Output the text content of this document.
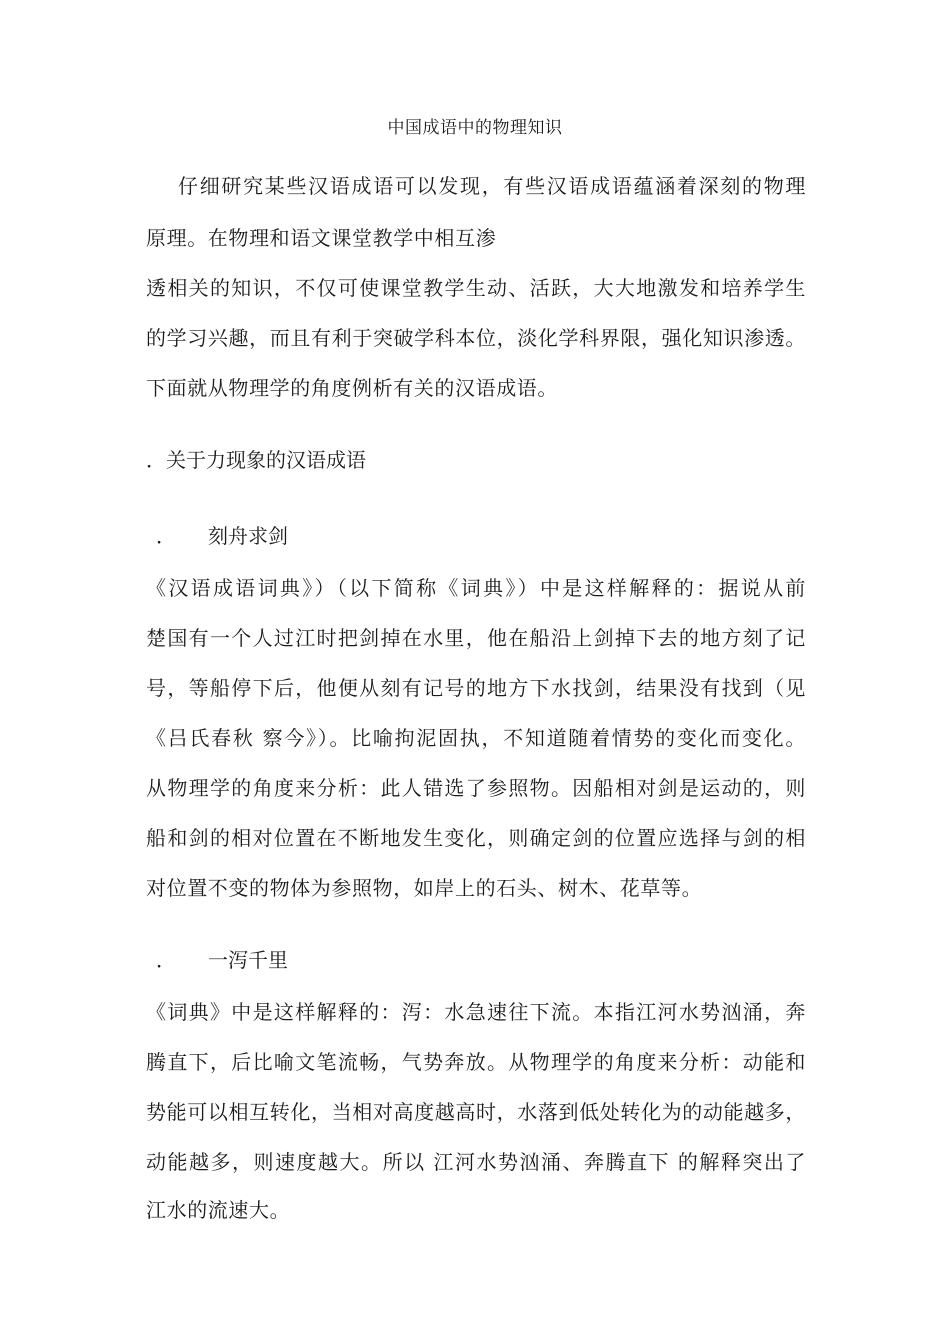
中国成语中的物理知识
仔细研究某些汉语成语可以发现，有些汉语成语蕴涵着深刻的物理
原理。在物理和语文课堂教学中相互渗
透相关的知识，不仅可使课堂教学生动、活跃，大大地激发和培养学生
的学习兴趣，而且有利于突破学科本位，淡化学科界限，强化知识渗透。
下面就从物理学的角度例析有关的汉语成语。
．关于力现象的汉语成语
． 刻舟求剑
《汉语成语词典》）（以下简称《词典》）中是这样解释的：据说从前
楚国有一个人过江时把剑掉在水里，他在船沿上剑掉下去的地方刻了记
号，等船停下后，他便从刻有记号的地方下水找剑，结果没有找到（见
《吕氏春秋 察今》）。比喻拘泥固执，不知道随着情势的变化而变化。
从物理学的角度来分析：此人错选了参照物。因船相对剑是运动的，则
船和剑的相对位置在不断地发生变化，则确定剑的位置应选择与剑的相
对位置不变的物体为参照物，如岸上的石头、树木、花草等。
． 一泻千里
《词典》中是这样解释的：泻：水急速往下流。本指江河水势汹涌，奔
腾直下，后比喻文笔流畅，气势奔放。从物理学的角度来分析：动能和
势能可以相互转化，当相对高度越高时，水落到低处转化为的动能越多，
动能越多，则速度越大。所以 江河水势汹涌、奔腾直下 的解释突出了
江水的流速大。
